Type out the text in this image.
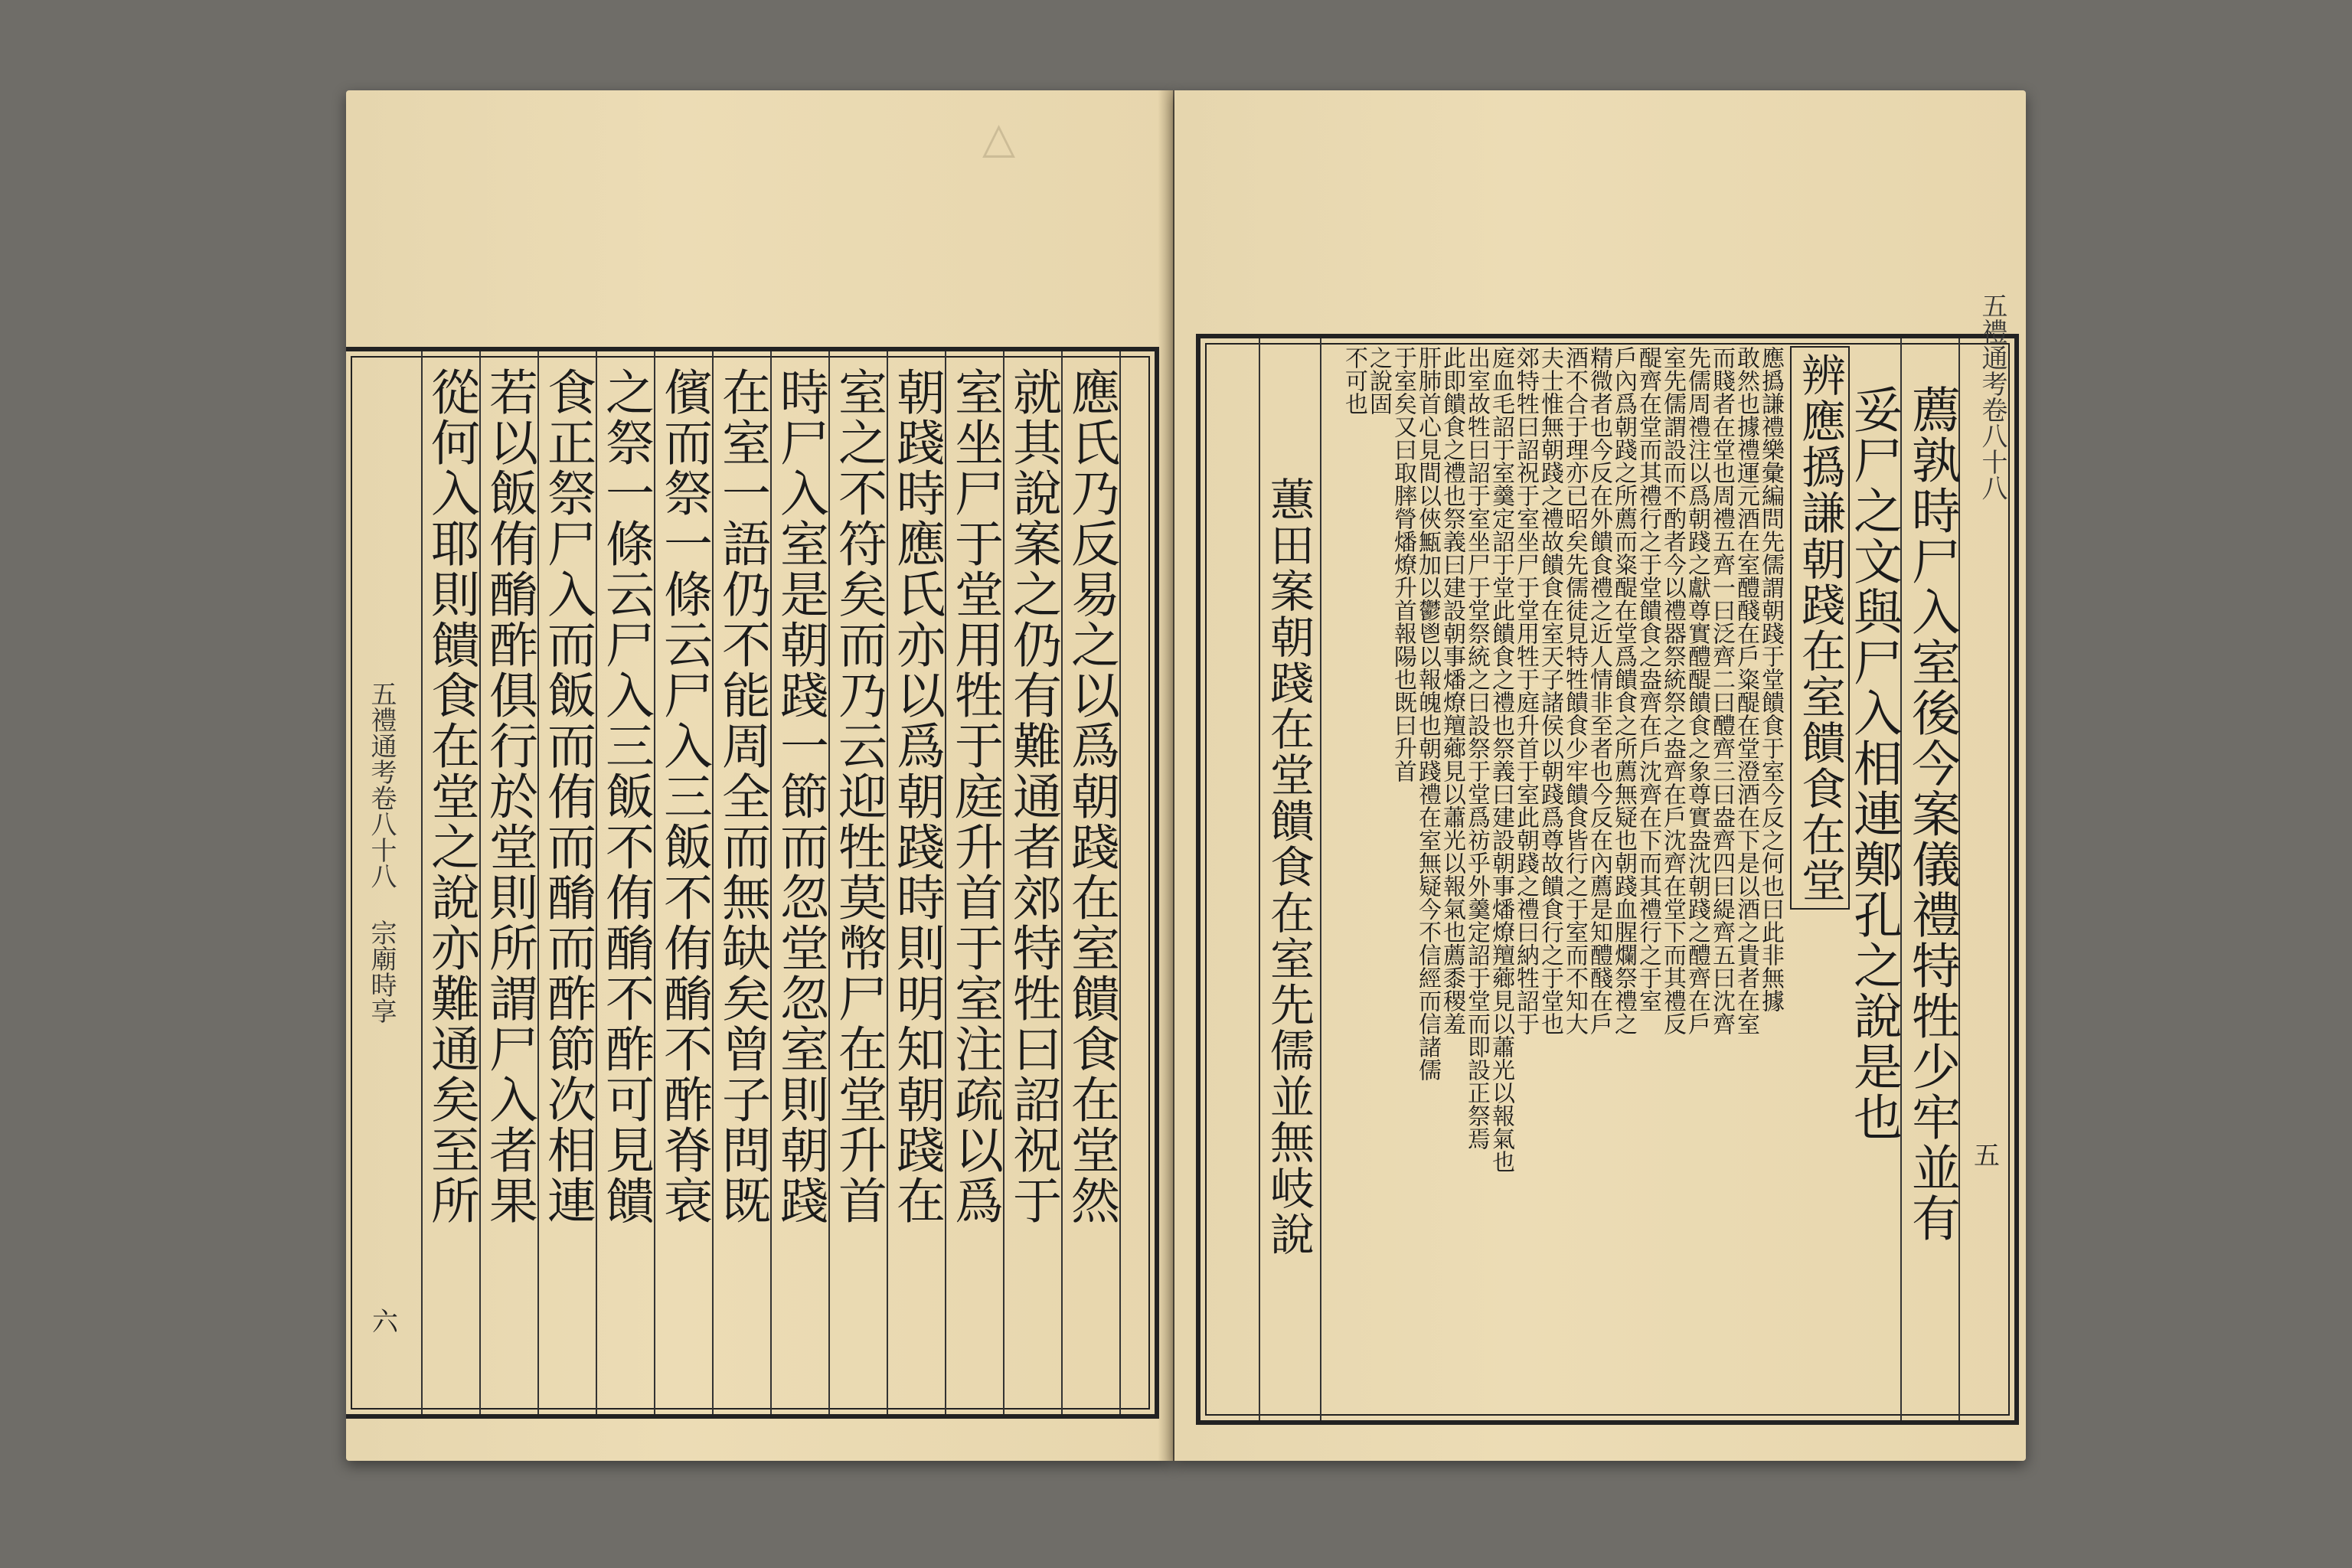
△
五禮通考卷八十八 宗廟時享
六
應氏乃反易之以爲朝踐在室饋食在堂然
就其說案之仍有難通者郊特牲曰詔祝于
室坐尸于堂用牲于庭升首于室注疏以爲
朝踐時應氏亦以爲朝踐時則明知朝踐在
室之不符矣而乃云迎牲莫幣尸在堂升首
時尸入室是朝踐一節而忽堂忽室則朝踐
在室一語仍不能周全而無缺矣曾子問既
儐而祭一條云尸入三飯不侑酳不酢脊衰
之祭一條云尸入三飯不侑酳不酢可見饋
食正祭尸入而飯而侑而酳而酢節次相連
若以飯侑酳酢俱行於堂則所謂尸入者果
從何入耶則饋食在堂之說亦難通矣至所	五禮通考卷八十八
五
薦孰時尸入室後今案儀禮特牲少牢並有
妥尸之文與尸入相連鄭孔之說是也
辨應撝謙朝踐在室饋食在堂
應撝謙禮樂彙編問先儒謂朝踐于堂饋食于室今反之何也曰此非無據
敢然也據禮運元酒在室醴醆在戶粢醍在堂澄酒在下是以酒之貴者在室
而賤者在堂也周禮五齊一曰泛齊二曰醴齊三曰盎齊四曰緹齊五曰沈齊
先儒周禮注以爲朝踐之獻尊實醴醍饋食之象尊實盎沈朝踐之醴齊在戶
室先儒謂設而不酌者今以禮器祭統祭之盎齊在戶沈齊在堂下而其禮反
醍齊在堂而其禮行之于堂饋食之盎齊在戶沈齊在下而其禮行之于室
戶內爲朝踐之所薦而粢醍在堂爲饋食之所薦無疑也朝踐血腥爛祭禮之
精微者也今反在外饋食禮之近人情非至者也今反在內薦是知醴醆在戶
酒不合于理亦已昭矣先儒徒見特牲饋食少牢饋食皆行之于室而不知大
夫士惟無朝踐之禮故饋食在室天子諸侯以朝踐爲尊故饋食行之于堂也
郊特牲曰詔祝于室坐尸于堂用牲于庭升首于室此朝踐之禮曰納牲詔于
庭血毛詔于室羹定詔于堂此饋食之禮也祭義曰建設朝事燔燎羶薌見以蕭光以報氣也
出室故牲曰詔于室坐尸于堂祭統之曰設祭于堂爲祊乎外羹定詔于堂而即設正祭焉
此即饋食之禮也祭義曰建設朝事燔燎羶薌見以蕭光以報氣也薦黍稷羞
肝肺首心見間以俠甒加以鬱鬯以報魄也朝踐禮在室無疑今不信經而信諸儒
于室矣又曰取膟膋燔燎升首報陽也既曰升首
之說固
不可也
蕙田案朝踐在堂饋食在室先儒並無岐說
